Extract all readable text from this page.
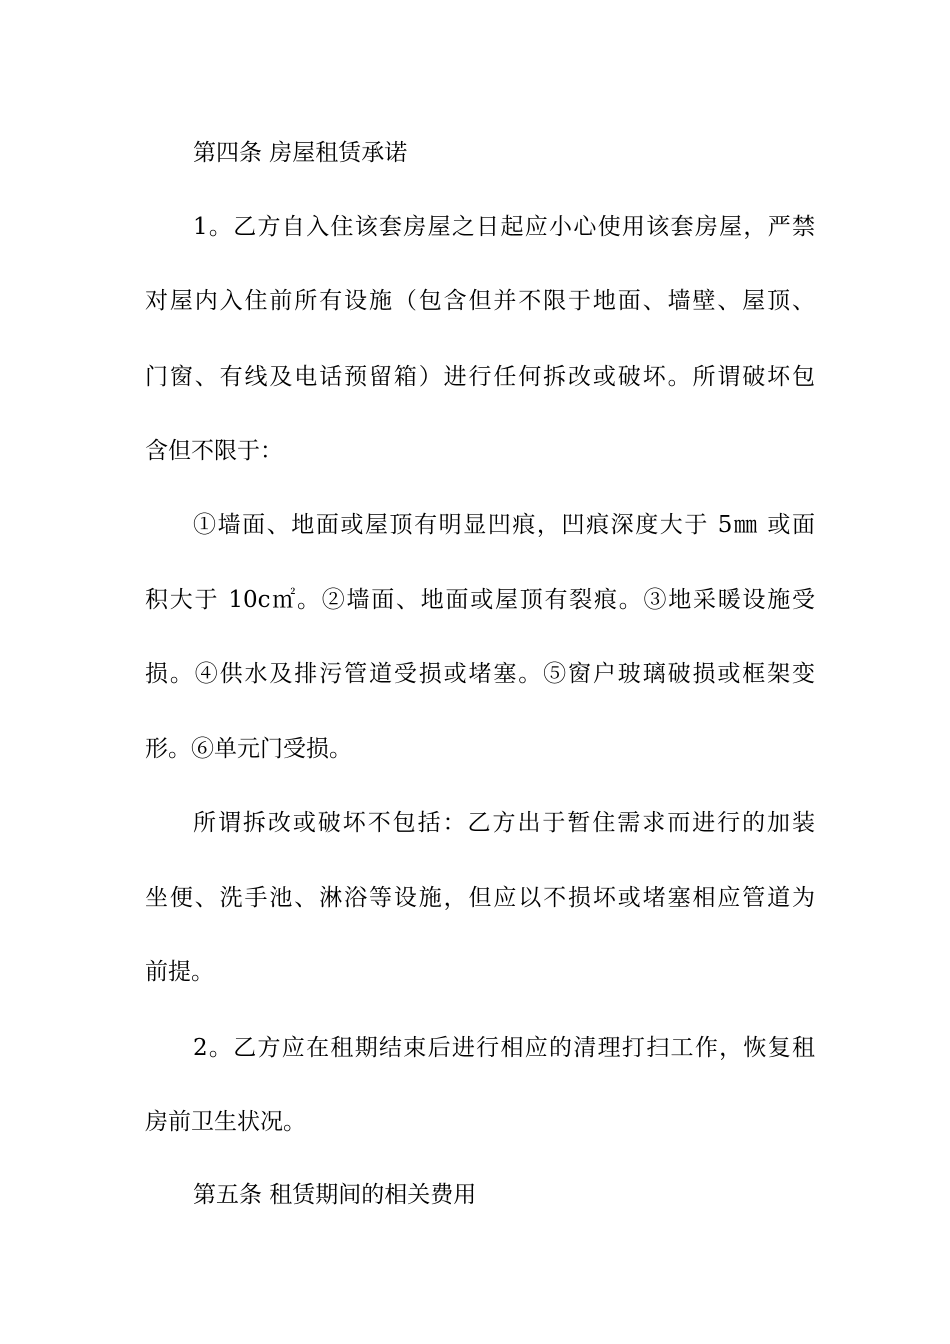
第四条 房屋租赁承诺
1。乙方自入住该套房屋之日起应小心使用该套房屋，严禁
对屋内入住前所有设施（包含但并不限于地面、墙壁、屋顶、
门窗、有线及电话预留箱）进行任何拆改或破坏。所谓破坏包
含但不限于：
①墙面、地面或屋顶有明显凹痕，凹痕深度大于 5㎜ 或面
积大于 10c㎡。②墙面、地面或屋顶有裂痕。③地采暖设施受
损。④供水及排污管道受损或堵塞。⑤窗户玻璃破损或框架变
形。⑥单元门受损。
所谓拆改或破坏不包括：乙方出于暂住需求而进行的加装
坐便、洗手池、淋浴等设施，但应以不损坏或堵塞相应管道为
前提。
2。乙方应在租期结束后进行相应的清理打扫工作，恢复租
房前卫生状况。
第五条 租赁期间的相关费用
